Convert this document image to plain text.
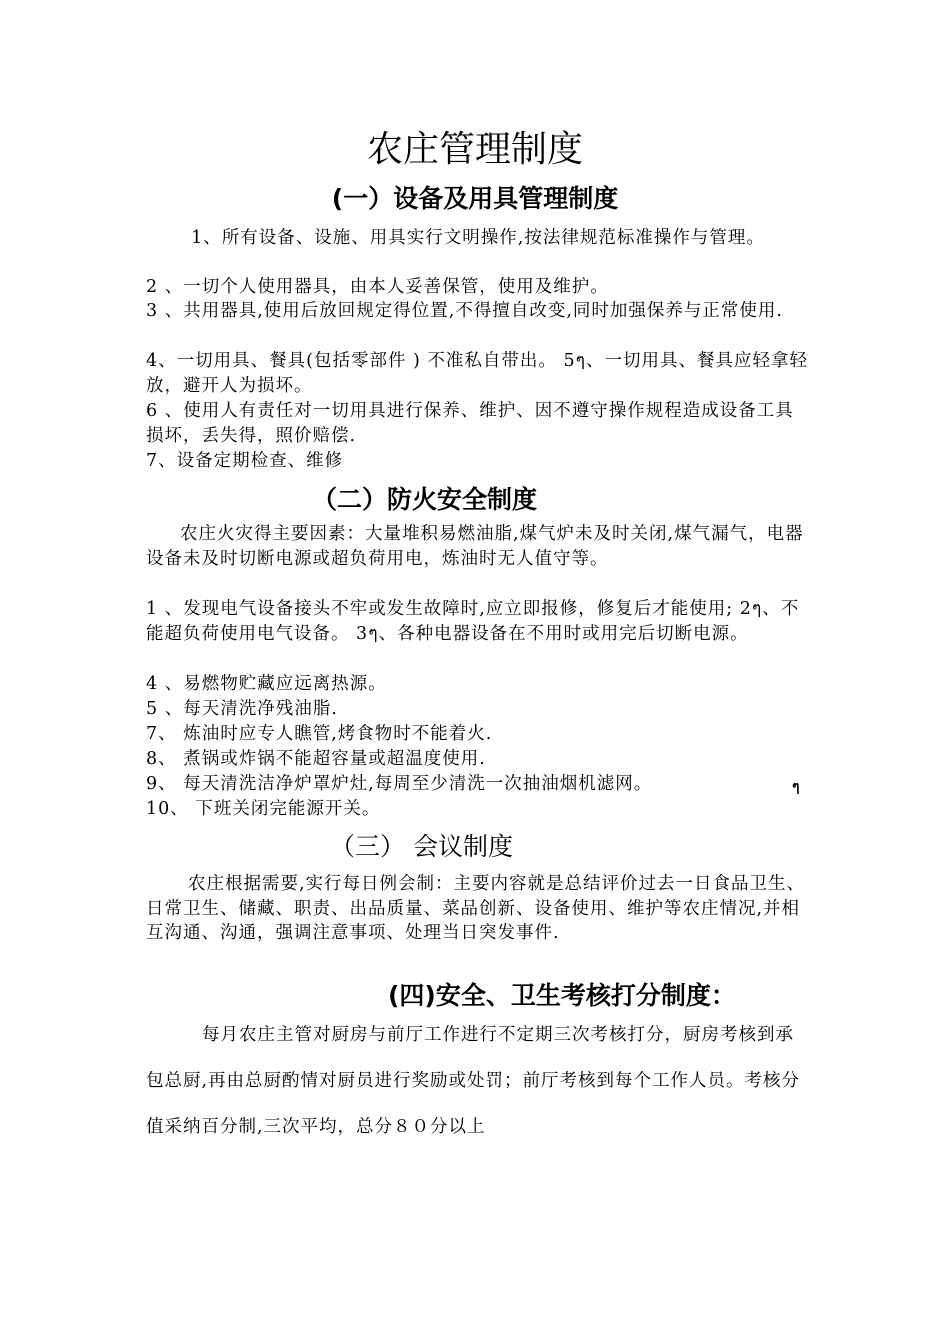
农庄管理制度
(一）设备及用具管理制度
1、所有设备、设施、用具实行文明操作,按法律规范标准操作与管理。
2 、一切个人使用器具，由本人妥善保管，使用及维护。
3 、共用器具,使用后放回规定得位置,不得擅自改变,同时加强保养与正常使用.
4、一切用具、餐具(包括零部件 ) 不准私自带出。 5ๆ、一切用具、餐具应轻拿轻放，避开人为损坏。
6 、使用人有责任对一切用具进行保养、维护、因不遵守操作规程造成设备工具损坏，丢失得，照价赔偿.
7、设备定期检查、维修
（二）防火安全制度
农庄火灾得主要因素：大量堆积易燃油脂,煤气炉未及时关闭,煤气漏气，电器设备未及时切断电源或超负荷用电，炼油时无人值守等。
1 、发现电气设备接头不牢或发生故障时,应立即报修，修复后才能使用; 2ๆ、不能超负荷使用电气设备。 3ๆ、各种电器设备在不用时或用完后切断电源。
4 、易燃物贮藏应远离热源。
5 、每天清洗净残油脂.
7、 炼油时应专人瞧管,烤食物时不能着火.
8、 煮锅或炸锅不能超容量或超温度使用.
9、 每天清洗洁净炉罩炉灶,每周至少清洗一次抽油烟机滤网。	ๆ
10、 下班关闭完能源开关。
（三） 会议制度
农庄根据需要,实行每日例会制：主要内容就是总结评价过去一日食品卫生、日常卫生、储藏、职责、出品质量、菜品创新、设备使用、维护等农庄情况,并相互沟通、沟通，强调注意事项、处理当日突发事件.
(四)安全、卫生考核打分制度：
每月农庄主管对厨房与前厅工作进行不定期三次考核打分，厨房考核到承包总厨,再由总厨酌情对厨员进行奖励或处罚；前厅考核到每个工作人员。考核分值采纳百分制,三次平均，总分８０分以上
